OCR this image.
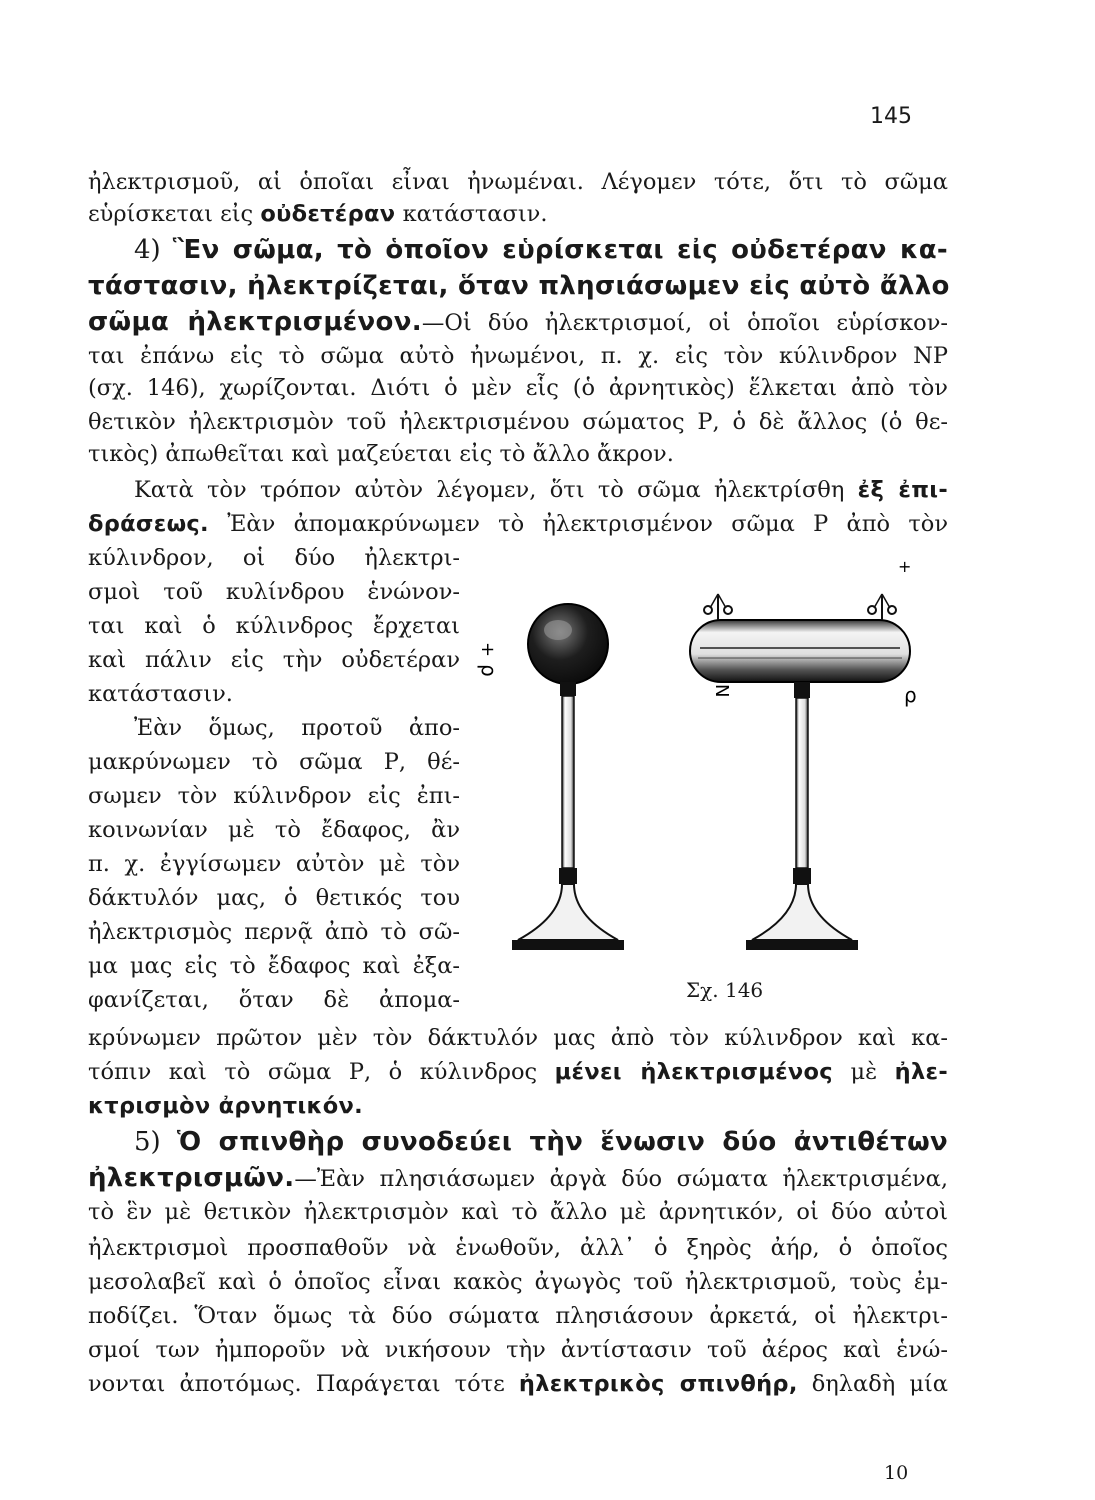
145
ἠλεκτρισμοῦ, αἱ ὁποῖαι εἶναι ἠνωμέναι. Λέγομεν τότε, ὅτι τὸ σῶμα
εὑρίσκεται εἰς οὐδετέραν κατάστασιν.
4) Ἓν σῶμα, τὸ ὁποῖον εὑρίσκεται εἰς οὐδετέραν κα-
τάστασιν, ἠλεκτρίζεται, ὅταν πλησιάσωμεν εἰς αὐτὸ ἄλλο
σῶμα ἠλεκτρισμένον.—Οἱ δύο ἠλεκτρισμοί, οἱ ὁποῖοι εὑρίσκον-
ται ἐπάνω εἰς τὸ σῶμα αὐτὸ ἠνωμένοι, π. χ. εἰς τὸν κύλινδρον ΝΡ
(σχ. 146), χωρίζονται. Διότι ὁ μὲν εἷς (ὁ ἀρνητικὸς) ἕλκεται ἀπὸ τὸν
θετικὸν ἠλεκτρισμὸν τοῦ ἠλεκτρισμένου σώματος Ρ, ὁ δὲ ἄλλος (ὁ θε-
τικὸς) ἀπωθεῖται καὶ μαζεύεται εἰς τὸ ἄλλο ἄκρον.
Κατὰ τὸν τρόπον αὐτὸν λέγομεν, ὅτι τὸ σῶμα ἠλεκτρίσθη ἐξ ἐπι-
δράσεως. Ἐὰν ἀπομακρύνωμεν τὸ ἠλεκτρισμένον σῶμα Ρ ἀπὸ τὸν
κύλινδρον, οἱ δύο ἠλεκτρι-
σμοὶ τοῦ κυλίνδρου ἑνώνον-
ται καὶ ὁ κύλινδρος ἔρχεται
καὶ πάλιν εἰς τὴν οὐδετέραν
κατάστασιν.
Ἐὰν ὅμως, προτοῦ ἀπο-
μακρύνωμεν τὸ σῶμα Ρ, θέ-
σωμεν τὸν κύλινδρον εἰς ἐπι-
κοινωνίαν μὲ τὸ ἔδαφος, ἂν
π. χ. ἐγγίσωμεν αὐτὸν μὲ τὸν
δάκτυλόν μας, ὁ θετικός του
ἠλεκτρισμὸς περνᾷ ἀπὸ τὸ σῶ-
μα μας εἰς τὸ ἔδαφος καὶ ἐξα-
φανίζεται, ὅταν δὲ ἀπομα-
+
ρ
+
N	ρ
Σχ. 146
κρύνωμεν πρῶτον μὲν τὸν δάκτυλόν μας ἀπὸ τὸν κύλινδρον καὶ κα-
τόπιν καὶ τὸ σῶμα Ρ, ὁ κύλινδρος μένει ἠλεκτρισμένος μὲ ἠλε-
κτρισμὸν ἀρνητικόν.
5) Ὁ σπινθὴρ συνοδεύει τὴν ἕνωσιν δύο ἀντιθέτων
ἠλεκτρισμῶν.—Ἐὰν πλησιάσωμεν ἀργὰ δύο σώματα ἠλεκτρισμένα,
τὸ ἓν μὲ θετικὸν ἠλεκτρισμὸν καὶ τὸ ἄλλο μὲ ἀρνητικόν, οἱ δύο αὐτοὶ
ἠλεκτρισμοὶ προσπαθοῦν νὰ ἑνωθοῦν, ἀλλ᾽ ὁ ξηρὸς ἀήρ, ὁ ὁποῖος
μεσολαβεῖ καὶ ὁ ὁποῖος εἶναι κακὸς ἀγωγὸς τοῦ ἠλεκτρισμοῦ, τοὺς ἐμ-
ποδίζει. Ὅταν ὅμως τὰ δύο σώματα πλησιάσουν ἀρκετά, οἱ ἠλεκτρι-
σμοί των ἠμποροῦν νὰ νικήσουν τὴν ἀντίστασιν τοῦ ἀέρος καὶ ἑνώ-
νονται ἀποτόμως. Παράγεται τότε ἠλεκτρικὸς σπινθήρ, δηλαδὴ μία
10
